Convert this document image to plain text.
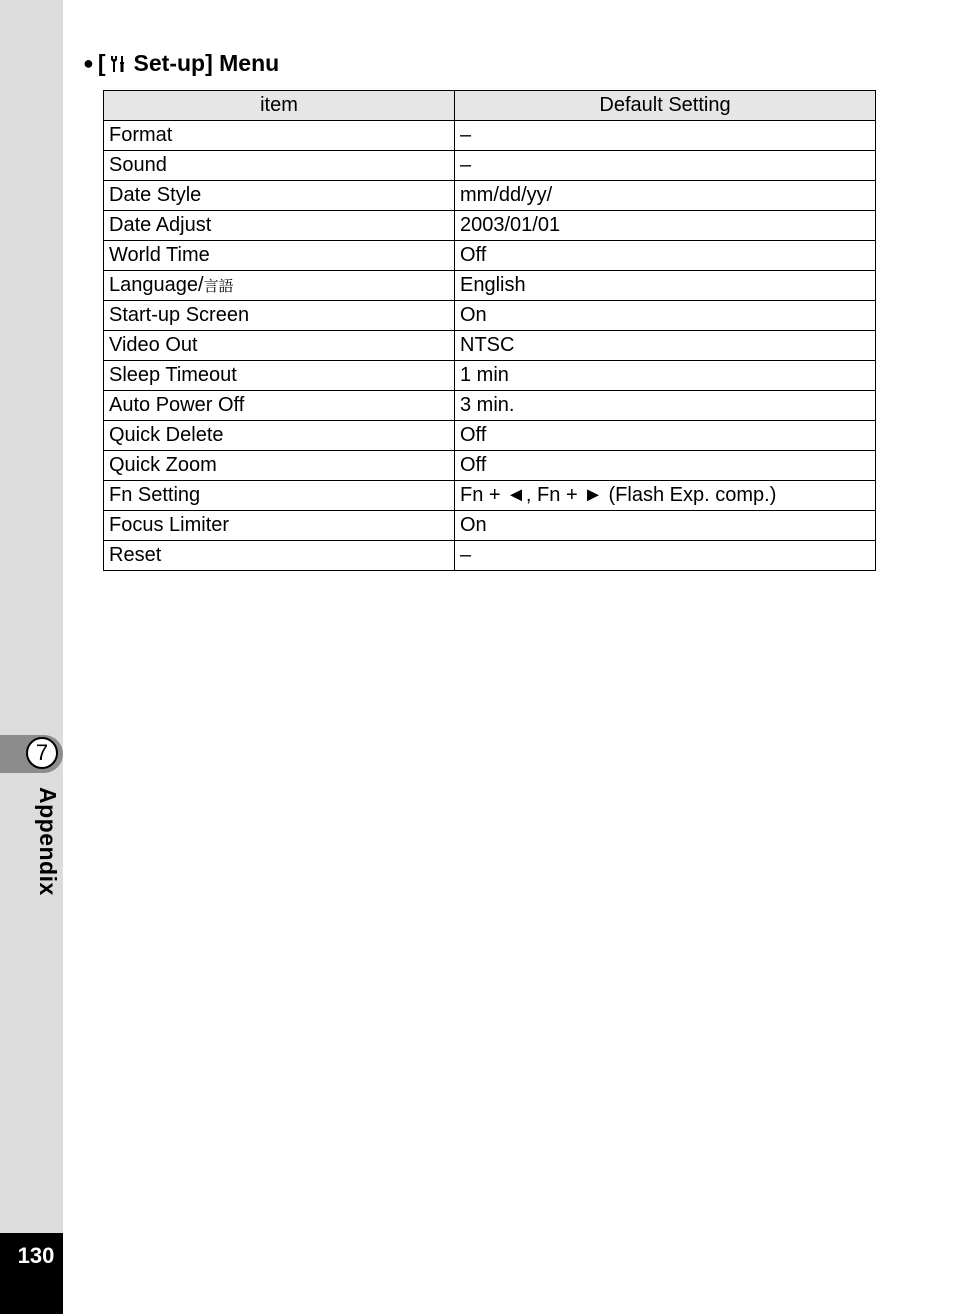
7
Appendix
130
● [ Set-up] Menu
item	Default Setting
Format	–
Sound	–
Date Style	mm/dd/yy/
Date Adjust	2003/01/01
World Time	Off
Language/言語	English
Start-up Screen	On
Video Out	NTSC
Sleep Timeout	1 min
Auto Power Off	3 min.
Quick Delete	Off
Quick Zoom	Off
Fn Setting	Fn + ◄, Fn + ► (Flash Exp. comp.)
Focus Limiter	On
Reset	–
